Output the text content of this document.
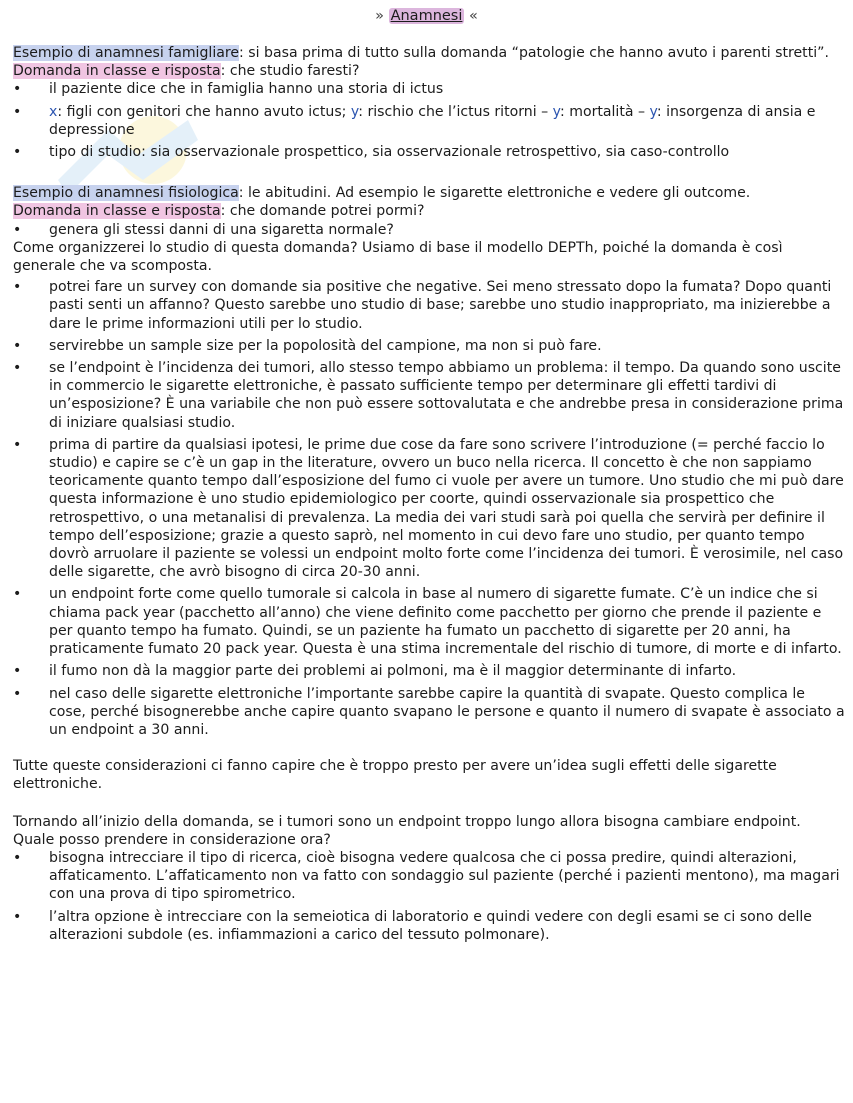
» Anamnesi «

Esempio di anamnesi famigliare: si basa prima di tutto sulla domanda “patologie che hanno avuto i parenti stretti”.

Domanda in classe e risposta: che studio faresti?

• il paziente dice che in famiglia hanno una storia di ictus
• x: figli con genitori che hanno avuto ictus; y: rischio che l’ictus ritorni – y: mortalità – y: insorgenza di ansia e depressione
• tipo di studio: sia osservazionale prospettico, sia osservazionale retrospettivo, sia caso-controllo

Esempio di anamnesi fisiologica: le abitudini. Ad esempio le sigarette elettroniche e vedere gli outcome.

Domanda in classe e risposta: che domande potrei pormi?

• genera gli stessi danni di una sigaretta normale?

Come organizzerei lo studio di questa domanda? Usiamo di base il modello DEPTh, poiché la domanda è così generale che va scomposta.

• potrei fare un survey con domande sia positive che negative. Sei meno stressato dopo la fumata? Dopo quanti pasti senti un affanno? Questo sarebbe uno studio di base; sarebbe uno studio inappropriato, ma inizierebbe a dare le prime informazioni utili per lo studio.
• servirebbe un sample size per la popolosità del campione, ma non si può fare.
• se l’endpoint è l’incidenza dei tumori, allo stesso tempo abbiamo un problema: il tempo. Da quando sono uscite in commercio le sigarette elettroniche, è passato sufficiente tempo per determinare gli effetti tardivi di un’esposizione? È una variabile che non può essere sottovalutata e che andrebbe presa in considerazione prima di iniziare qualsiasi studio.
• prima di partire da qualsiasi ipotesi, le prime due cose da fare sono scrivere l’introduzione (= perché faccio lo studio) e capire se c’è un gap in the literature, ovvero un buco nella ricerca. Il concetto è che non sappiamo teoricamente quanto tempo dall’esposizione del fumo ci vuole per avere un tumore. Uno studio che mi può dare questa informazione è uno studio epidemiologico per coorte, quindi osservazionale sia prospettico che retrospettivo, o una metanalisi di prevalenza. La media dei vari studi sarà poi quella che servirà per definire il tempo dell’esposizione; grazie a questo saprò, nel momento in cui devo fare uno studio, per quanto tempo dovrò arruolare il paziente se volessi un endpoint molto forte come l’incidenza dei tumori. È verosimile, nel caso delle sigarette, che avrò bisogno di circa 20-30 anni.
• un endpoint forte come quello tumorale si calcola in base al numero di sigarette fumate. C’è un indice che si chiama pack year (pacchetto all’anno) che viene definito come pacchetto per giorno che prende il paziente e per quanto tempo ha fumato. Quindi, se un paziente ha fumato un pacchetto di sigarette per 20 anni, ha praticamente fumato 20 pack year. Questa è una stima incrementale del rischio di tumore, di morte e di infarto.
• il fumo non dà la maggior parte dei problemi ai polmoni, ma è il maggior determinante di infarto.
• nel caso delle sigarette elettroniche l’importante sarebbe capire la quantità di svapate. Questo complica le cose, perché bisognerebbe anche capire quanto svapano le persone e quanto il numero di svapate è associato a un endpoint a 30 anni.

Tutte queste considerazioni ci fanno capire che è troppo presto per avere un’idea sugli effetti delle sigarette elettroniche.

Tornando all’inizio della domanda, se i tumori sono un endpoint troppo lungo allora bisogna cambiare endpoint. Quale posso prendere in considerazione ora?

• bisogna intrecciare il tipo di ricerca, cioè bisogna vedere qualcosa che ci possa predire, quindi alterazioni, affaticamento. L’affaticamento non va fatto con sondaggio sul paziente (perché i pazienti mentono), ma magari con una prova di tipo spirometrico.
• l’altra opzione è intrecciare con la semeiotica di laboratorio e quindi vedere con degli esami se ci sono delle alterazioni subdole (es. infiammazioni a carico del tessuto polmonare).
